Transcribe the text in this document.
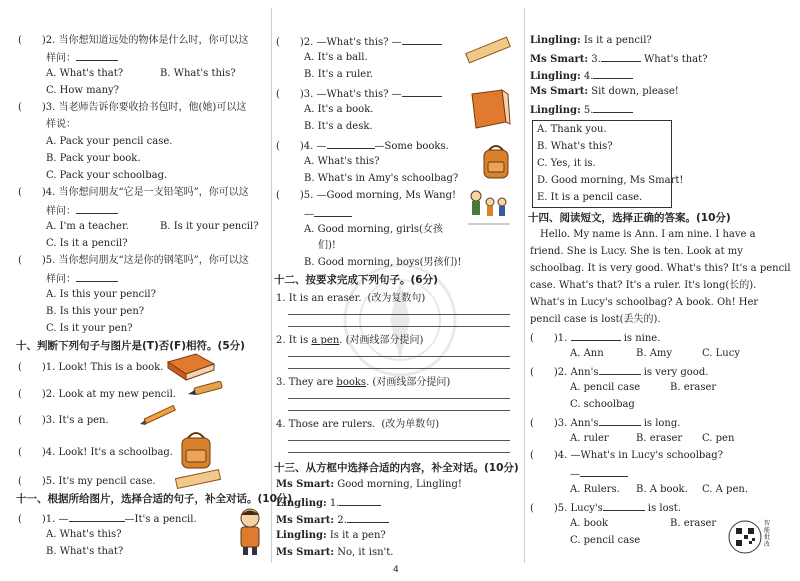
(　　)2. 当你想知道远处的物体是什么时，你可以这
样问：
A. What's that?	B. What's this?
C. How many?
(　　)3. 当老师告诉你要收拾书包时，他(她)可以这
样说：
A. Pack your pencil case.
B. Pack your book.
C. Pack your schoolbag.
(　　)4. 当你想问朋友“它是一支铅笔吗”，你可以这
样问：
A. I'm a teacher.	B. Is it your pencil?
C. Is it a pencil?
(　　)5. 当你想问朋友“这是你的钢笔吗”，你可以这
样问：
A. Is this your pencil?
B. Is this your pen?
C. Is it your pen?
十、判断下列句子与图片是(T)否(F)相符。(5分)
(　　)1. Look! This is a book.
(　　)2. Look at my new pencil.
(　　)3. It's a pen.
(　　)4. Look! It's a schoolbag.
(　　)5. It's my pencil case.
十一、根据所给图片，选择合适的句子，补全对话。(10分)
(　　)1. —	—It's a pencil.
A. What's this?
B. What's that?
(　　)2. —What's this? —
A. It's a ball.
B. It's a ruler.
(　　)3. —What's this? —
A. It's a book.
B. It's a desk.
(　　)4. —	—Some books.
A. What's this?
B. What's in Amy's schoolbag?
(　　)5. —Good morning, Ms Wang!
—
A. Good morning, girls(女孩
们)!
B. Good morning, boys(男孩们)!
十二、按要求完成下列句子。(6分)
1. It is an eraser. (改为复数句)
2. It is a pen. (对画线部分提问)
3. They are books. (对画线部分提问)
4. Those are rulers. (改为单数句)
十三、从方框中选择合适的内容，补全对话。(10分)
Ms Smart: Good morning, Lingling!
Lingling: 1.
Ms Smart: 2.
Lingling: Is it a pen?
Ms Smart: No, it isn't.
Lingling: Is it a pencil?
Ms Smart: 3.	What's that?
Lingling: 4.
Ms Smart: Sit down, please!
Lingling: 5.
A. Thank you.
B. What's this?
C. Yes, it is.
D. Good morning, Ms Smart!
E. It is a pencil case.
十四、阅读短文，选择正确的答案。(10分)
Hello. My name is Ann. I am nine. I have a
friend. She is Lucy. She is ten. Look at my
schoolbag. It is very good. What's this? It's a pencil
case. What's that? It's a ruler. It's long(长的).
What's in Lucy's schoolbag? A book. Oh! Her
pencil case is lost(丢失的).
(　　)1.	is nine.
A. Ann	B. Amy	C. Lucy
(　　)2. Ann's	is very good.
A. pencil case	B. eraser
C. schoolbag
(　　)3. Ann's	is long.
A. ruler	B. eraser C. pen
(　　)4. —What's in Lucy's schoolbag?
—
A. Rulers. B. A book. C. A pen.
(　　)5. Lucy's	is lost.
A. book	B. eraser
C. pencil case
智能批改
4
